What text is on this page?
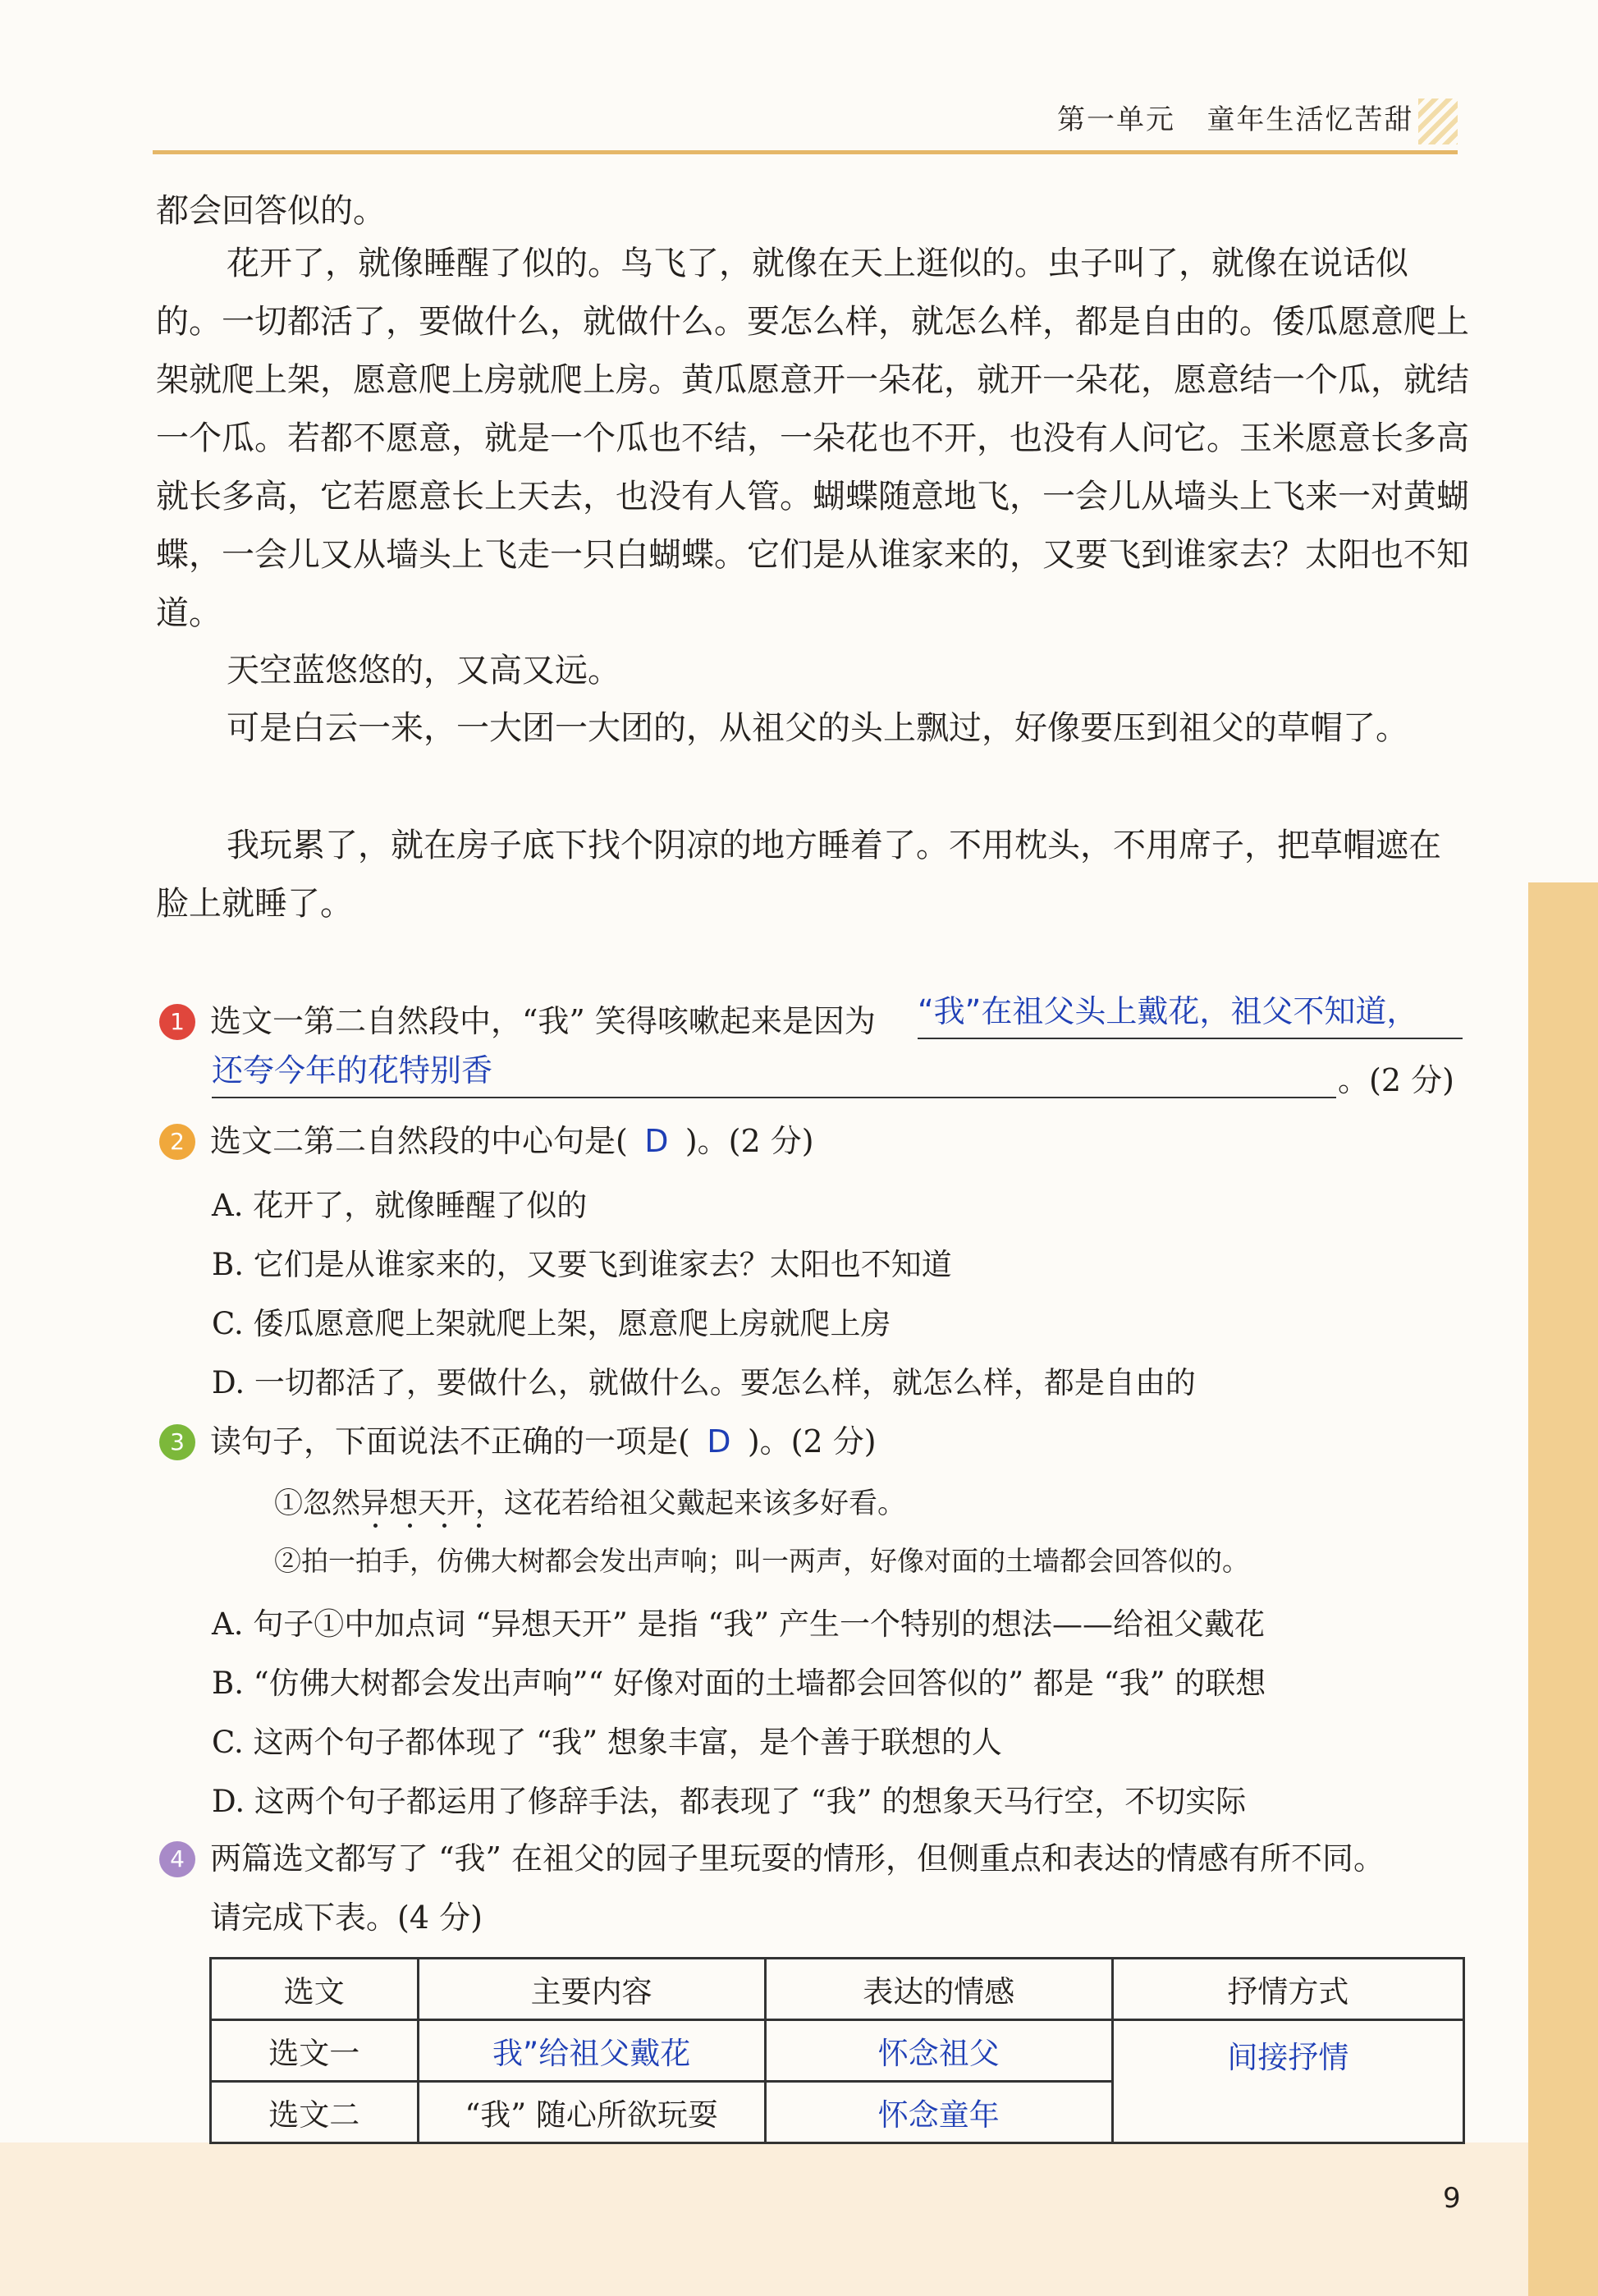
第一单元 童年生活忆苦甜
都会回答似的。
花开了，就像睡醒了似的。鸟飞了，就像在天上逛似的。虫子叫了，就像在说话似的。一切都活了，要做什么，就做什么。要怎么样，就怎么样，都是自由的。倭瓜愿意爬上架就爬上架，愿意爬上房就爬上房。黄瓜愿意开一朵花，就开一朵花，愿意结一个瓜，就结一个瓜。若都不愿意，就是一个瓜也不结，一朵花也不开，也没有人问它。玉米愿意长多高就长多高，它若愿意长上天去，也没有人管。蝴蝶随意地飞，一会儿从墙头上飞来一对黄蝴蝶，一会儿又从墙头上飞走一只白蝴蝶。它们是从谁家来的，又要飞到谁家去？太阳也不知道。
天空蓝悠悠的，又高又远。
可是白云一来，一大团一大团的，从祖父的头上飘过，好像要压到祖父的草帽了。
我玩累了，就在房子底下找个阴凉的地方睡着了。不用枕头，不用席子，把草帽遮在脸上就睡了。
1 选文一第二自然段中，“我” 笑得咳嗽起来是因为 “我”在祖父头上戴花，祖父不知道，
还夸今年的花特别香	。(2 分)
2 选文二第二自然段的中心句是( D )。(2 分)
A. 花开了，就像睡醒了似的
B. 它们是从谁家来的，又要飞到谁家去？太阳也不知道
C. 倭瓜愿意爬上架就爬上架，愿意爬上房就爬上房
D. 一切都活了，要做什么，就做什么。要怎么样，就怎么样，都是自由的
3 读句子，下面说法不正确的一项是( D )。(2 分)
①忽然异想天开，这花若给祖父戴起来该多好看。
②拍一拍手，仿佛大树都会发出声响；叫一两声，好像对面的土墙都会回答似的。
A. 句子①中加点词 “异想天开” 是指 “我” 产生一个特别的想法——给祖父戴花
B. “仿佛大树都会发出声响”“ 好像对面的土墙都会回答似的” 都是 “我” 的联想
C. 这两个句子都体现了 “我” 想象丰富，是个善于联想的人
D. 这两个句子都运用了修辞手法，都表现了 “我” 的想象天马行空，不切实际
4 两篇选文都写了 “我” 在祖父的园子里玩耍的情形，但侧重点和表达的情感有所不同。
请完成下表。(4 分)
选文	主要内容	表达的情感	抒情方式
选文一	我”给祖父戴花	怀念祖父	间接抒情
选文二	“我” 随心所欲玩耍	怀念童年	
9
